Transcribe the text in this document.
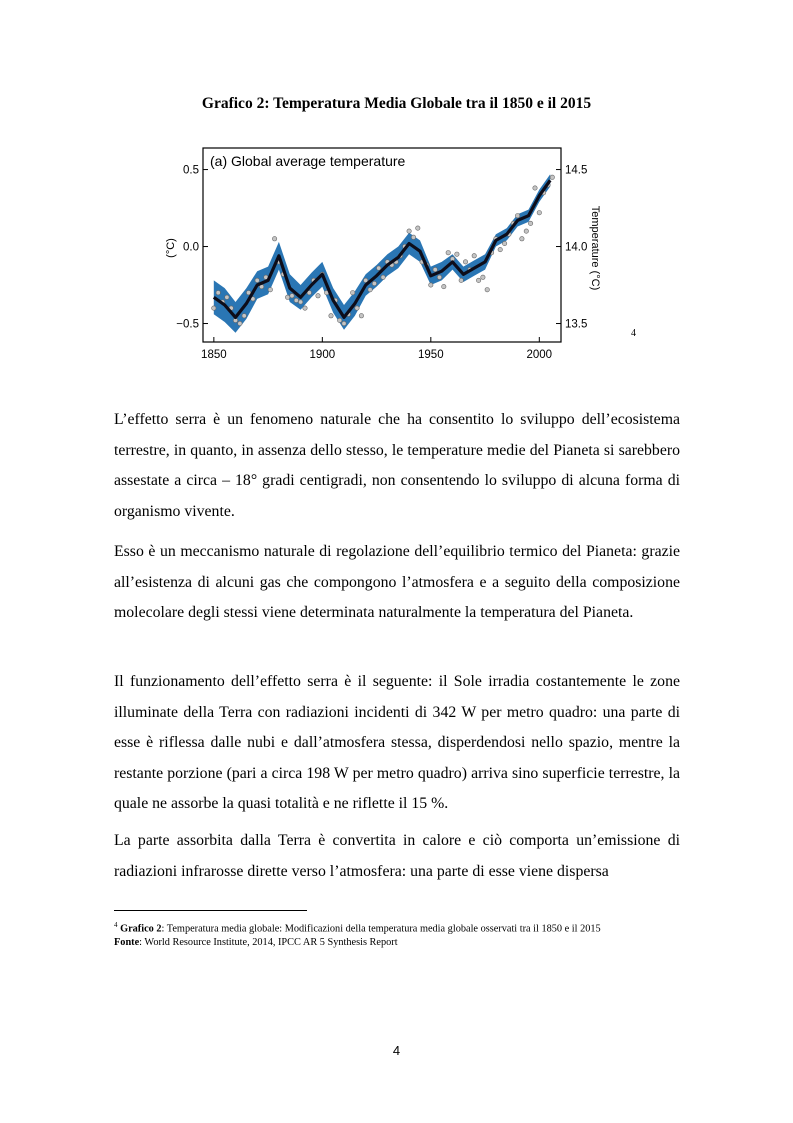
Grafico 2: Temperatura Media Globale tra il 1850 e il 2015
1850	1900	1950	2000
0.5
0.0
−0.5
14.5
14.0
13.5
(a) Global average temperature
(°C)	Temperature (°C)
4

L’effetto serra è un fenomeno naturale che ha consentito lo sviluppo dell’ecosistema terrestre, in quanto, in assenza dello stesso, le temperature medie del Pianeta si sarebbero assestate a circa – 18° gradi centigradi, non consentendo lo sviluppo di alcuna forma di organismo vivente.

Esso è un meccanismo naturale di regolazione dell’equilibrio termico del Pianeta: grazie all’esistenza di alcuni gas che compongono l’atmosfera e a seguito della composizione molecolare degli stessi viene determinata naturalmente la temperatura del Pianeta.

Il funzionamento dell’effetto serra è il seguente: il Sole irradia costantemente le zone illuminate della Terra con radiazioni incidenti di 342 W per metro quadro: una parte di esse è riflessa dalle nubi e dall’atmosfera stessa, disperdendosi nello spazio, mentre la restante porzione (pari a circa 198 W per metro quadro) arriva sino superficie terrestre, la quale ne assorbe la quasi totalità e ne riflette il 15 %.

La parte assorbita dalla Terra è convertita in calore e ciò comporta un’emissione di radiazioni infrarosse dirette verso l’atmosfera: una parte di esse viene dispersa

$^4$ Grafico 2: Temperatura media globale: Modificazioni della temperatura media globale osservati tra il 1850 e il 2015

Fonte: World Resource Institute, 2014, IPCC AR 5 Synthesis Report

4
